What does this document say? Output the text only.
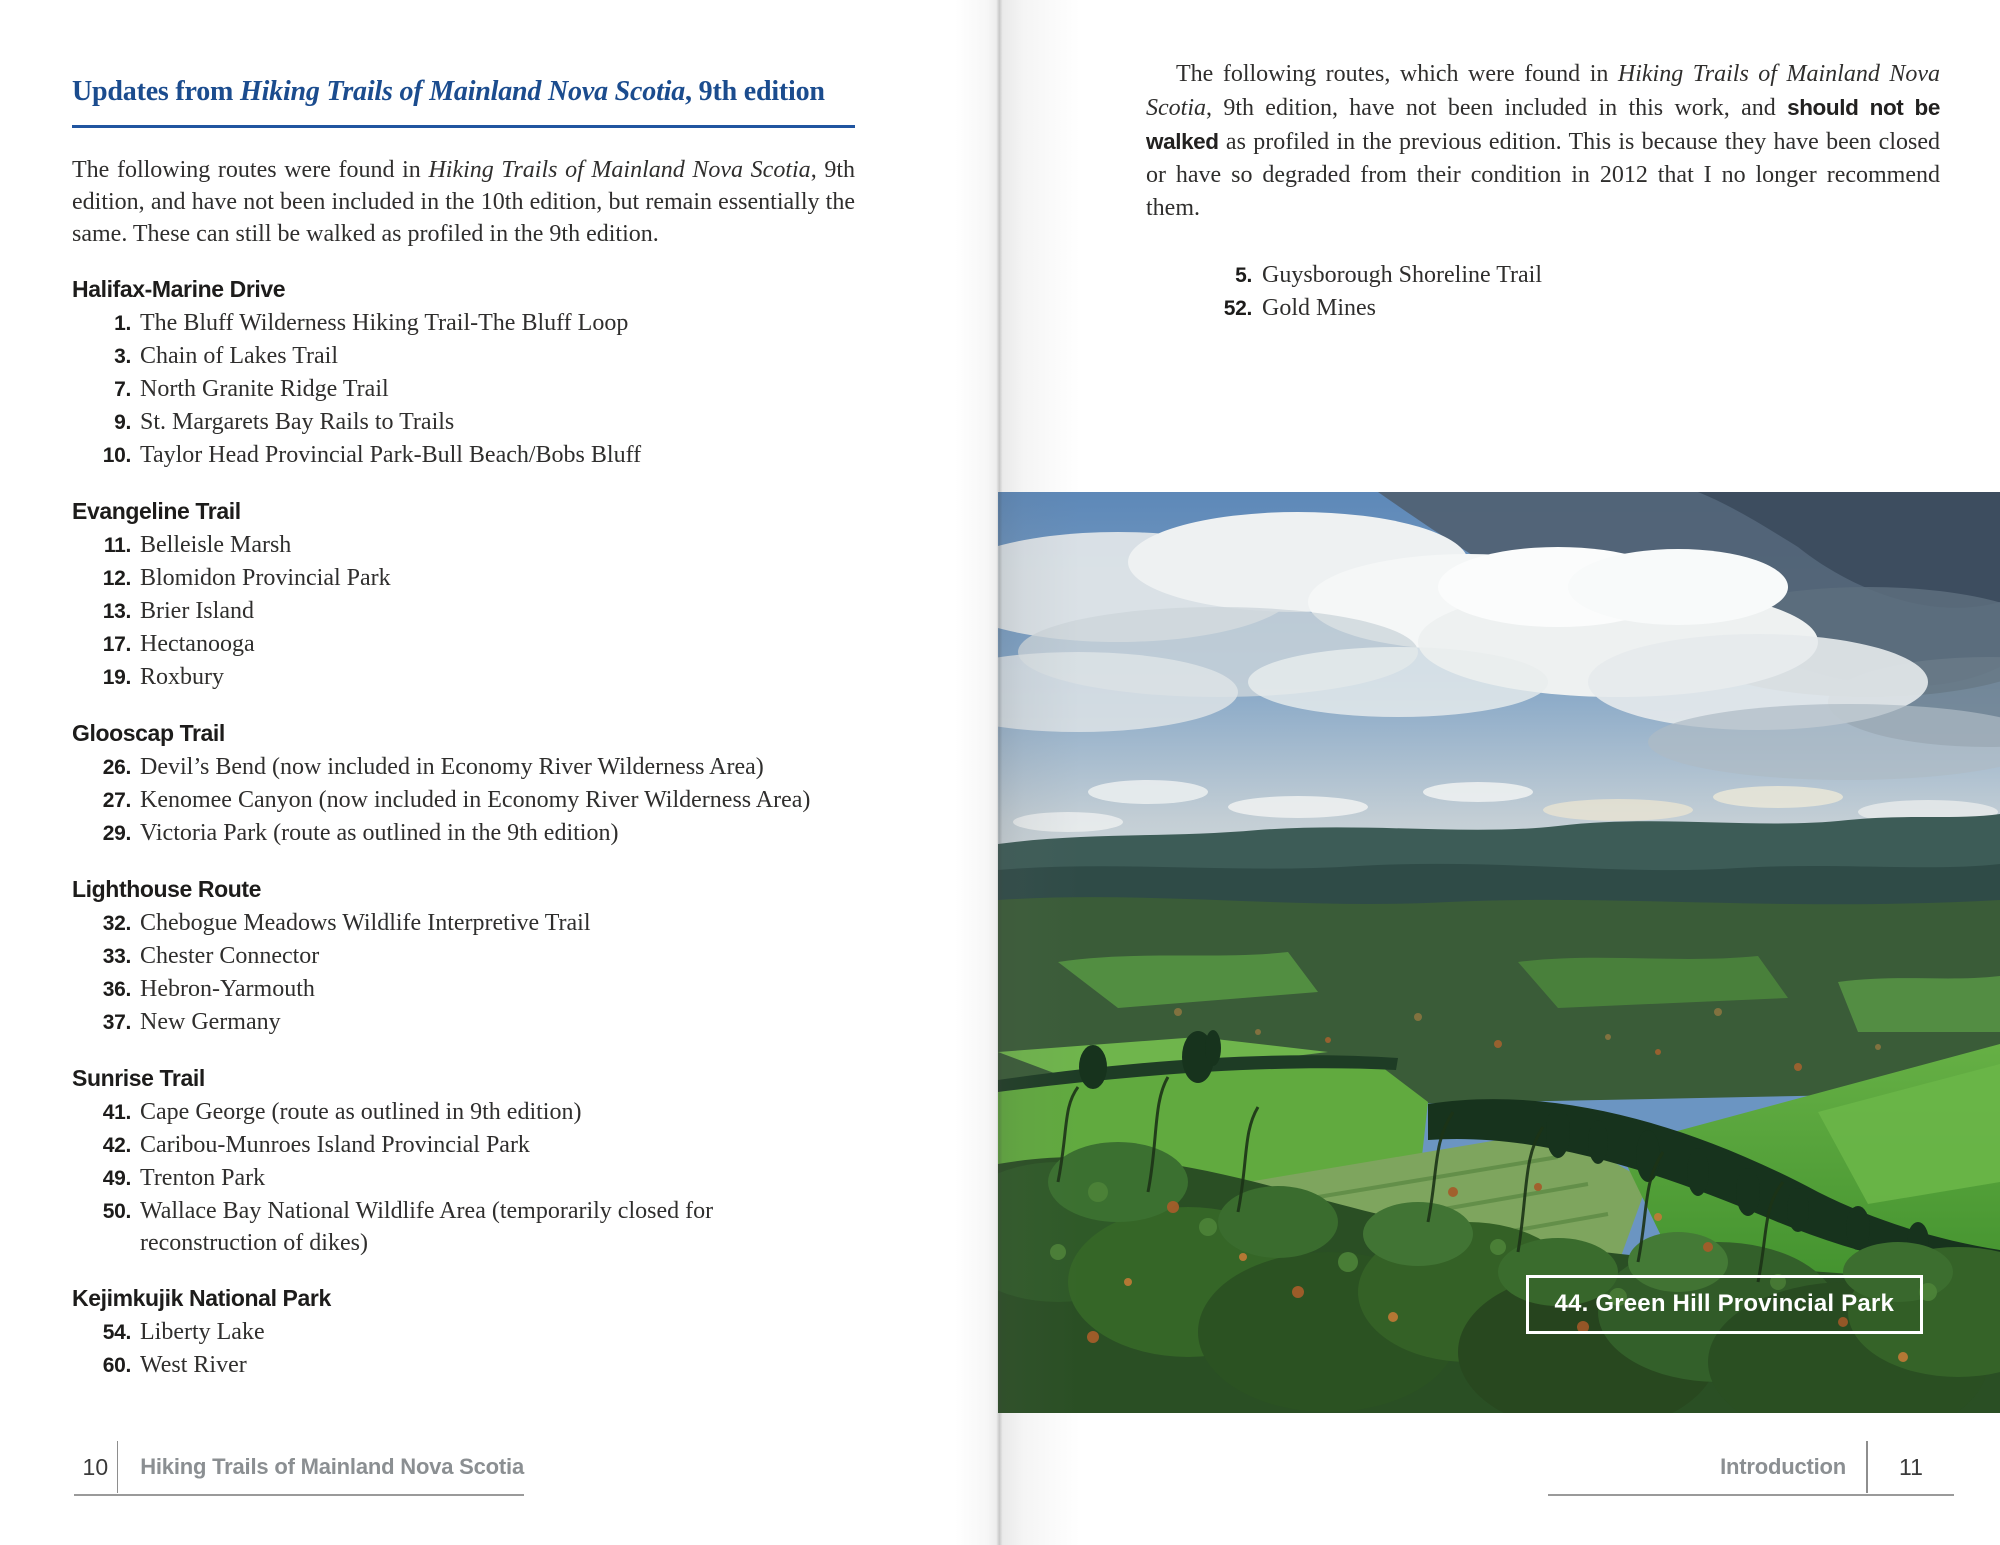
Updates from Hiking Trails of Mainland Nova Scotia, 9th edition

The following routes were found in Hiking Trails of Mainland Nova Scotia, 9th edition, and have not been included in the 10th edition, but remain essentially the same. These can still be walked as profiled in the 9th edition.

Halifax-Marine Drive
1. The Bluff Wilderness Hiking Trail-The Bluff Loop
3. Chain of Lakes Trail
7. North Granite Ridge Trail
9. St. Margarets Bay Rails to Trails
10. Taylor Head Provincial Park-Bull Beach/Bobs Bluff
Evangeline Trail
11. Belleisle Marsh
12. Blomidon Provincial Park
13. Brier Island
17. Hectanooga
19. Roxbury
Glooscap Trail
26. Devil’s Bend (now included in Economy River Wilderness Area)
27. Kenomee Canyon (now included in Economy River Wilderness Area)
29. Victoria Park (route as outlined in the 9th edition)
Lighthouse Route
32. Chebogue Meadows Wildlife Interpretive Trail
33. Chester Connector
36. Hebron-Yarmouth
37. New Germany
Sunrise Trail
41. Cape George (route as outlined in 9th edition)
42. Caribou-Munroes Island Provincial Park
49. Trenton Park
50. Wallace Bay National Wildlife Area (temporarily closed for reconstruction of dikes)
Kejimkujik National Park
54. Liberty Lake
60. West River
10	Hiking Trails of Mainland Nova Scotia

The following routes, which were found in Hiking Trails of Mainland Nova Scotia, 9th edition, have not been included in this work, and should not be walked as profiled in the previous edition. This is because they have been closed or have so degraded from their condition in 2012 that I no longer recommend them.

5. Guysborough Shoreline Trail
52. Gold Mines
44. Green Hill Provincial Park
Introduction	11
